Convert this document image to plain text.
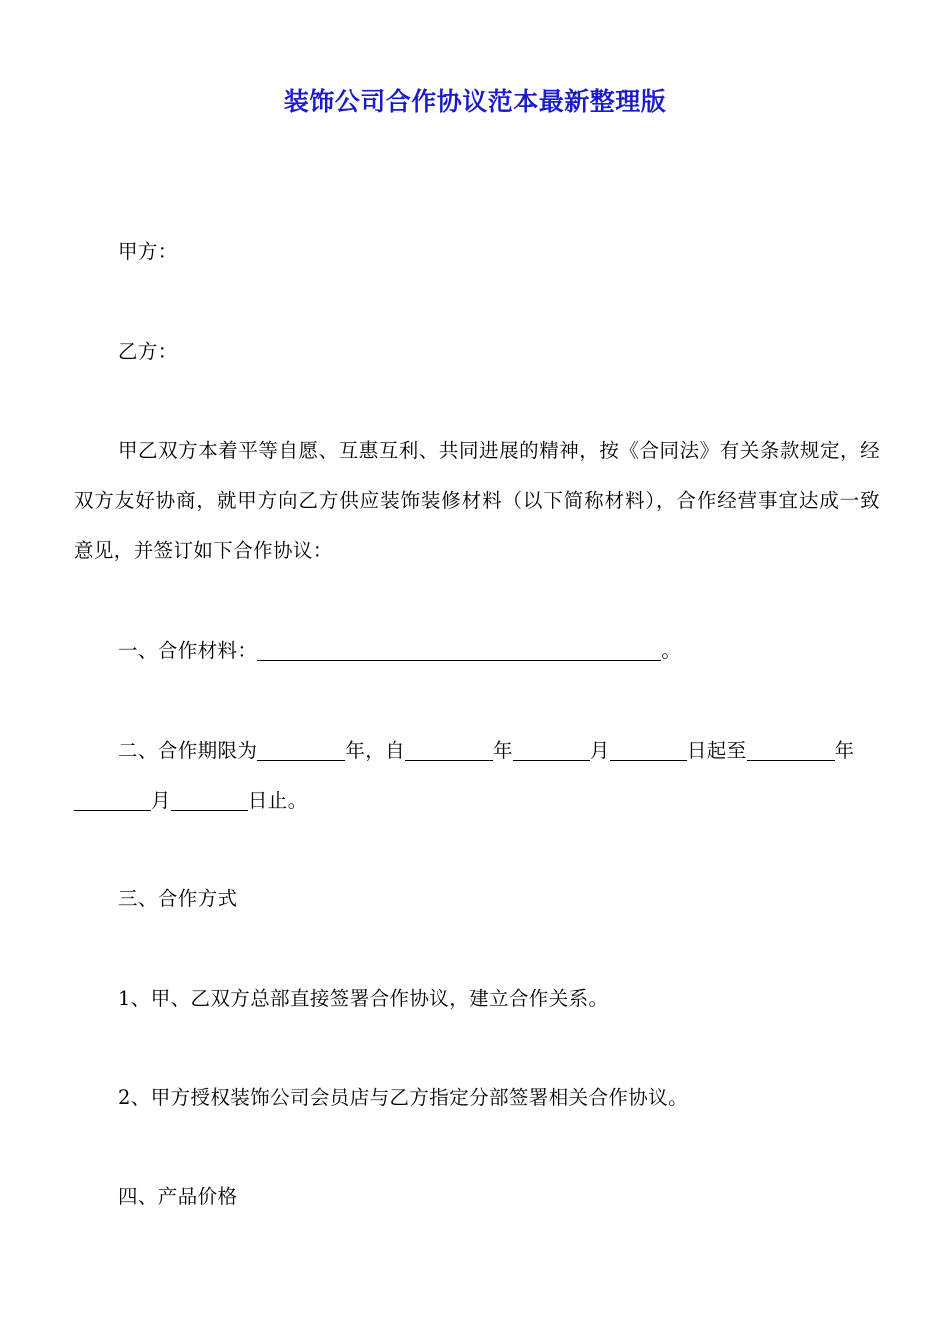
装饰公司合作协议范本最新整理版

甲方：

乙方：

甲乙双方本着平等自愿、互惠互利、共同进展的精神，按《合同法》有关条款规定，经双方友好协商，就甲方向乙方供应装饰装修材料（以下简称材料），合作经营事宜达成一致意见，并签订如下合作协议：

一、合作材料：	。

二、合作期限为	年，自	年	月	日起至	年月	日止。

三、合作方式

1、甲、乙双方总部直接签署合作协议，建立合作关系。

2、甲方授权装饰公司会员店与乙方指定分部签署相关合作协议。

四、产品价格
